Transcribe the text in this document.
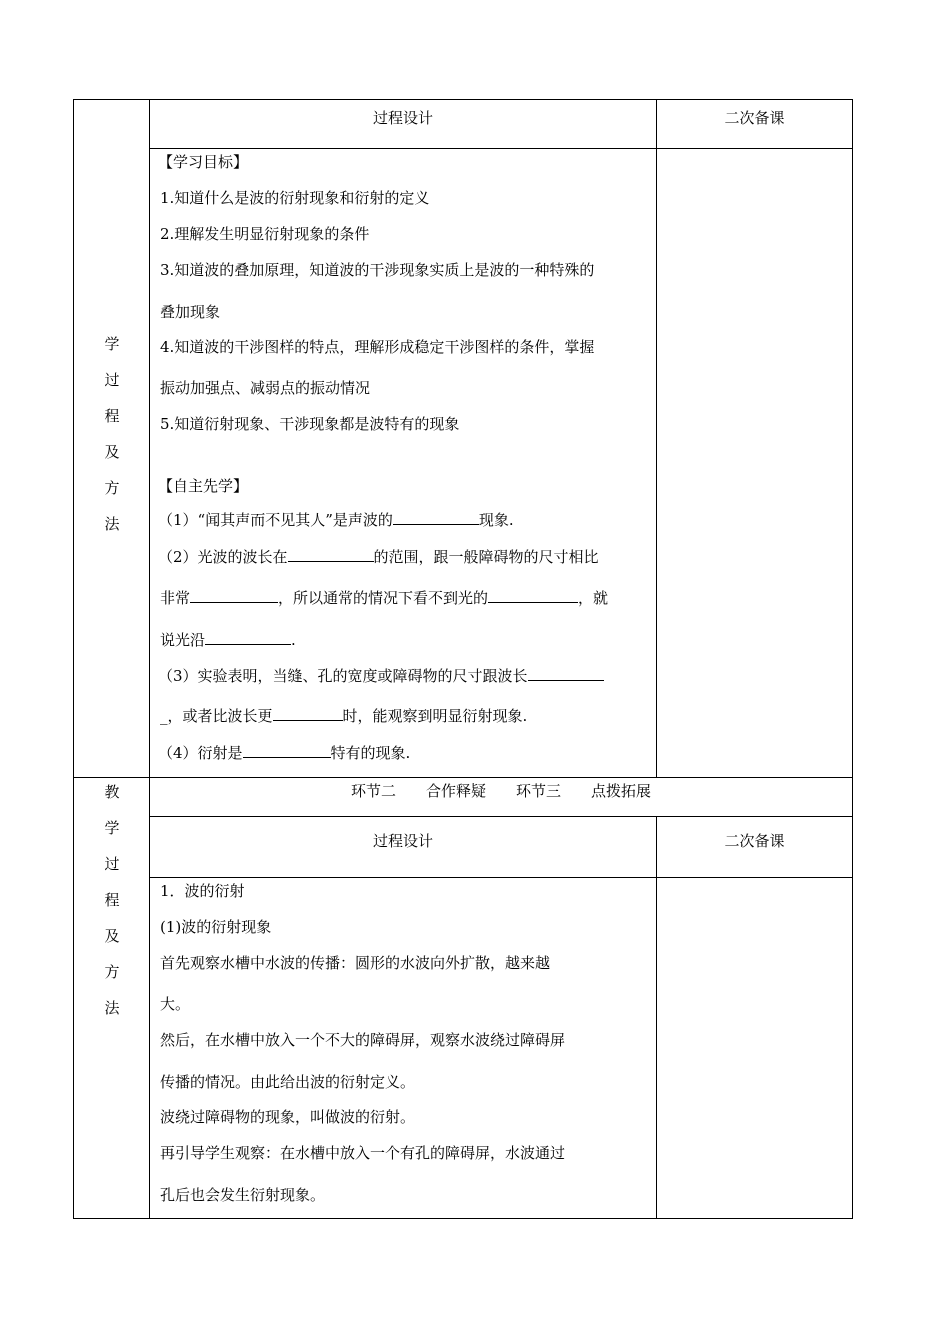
学
过
程
及
方
法
过程设计	二次备课
【学习目标】
1.知道什么是波的衍射现象和衍射的定义
2.理解发生明显衍射现象的条件
3.知道波的叠加原理，知道波的干涉现象实质上是波的一种特殊的
叠加现象
4.知道波的干涉图样的特点，理解形成稳定干涉图样的条件，掌握
振动加强点、减弱点的振动情况
5.知道衍射现象、干涉现象都是波特有的现象
【自主先学】
（1）“闻其声而不见其人”是声波的	现象.
（2）光波的波长在	的范围，跟一般障碍物的尺寸相比
非常	，所以通常的情况下看不到光的	，就
说光沿	.
（3）实验表明，当缝、孔的宽度或障碍物的尺寸跟波长
_，或者比波长更	时，能观察到明显衍射现象.
（4）衍射是	特有的现象.
教
学
过
程
及
方
法
环节二　　合作释疑　　环节三　　点拨拓展
过程设计	二次备课
1．波的衍射
(1)波的衍射现象
首先观察水槽中水波的传播：圆形的水波向外扩散，越来越
大。
然后，在水槽中放入一个不大的障碍屏，观察水波绕过障碍屏
传播的情况。由此给出波的衍射定义。
波绕过障碍物的现象，叫做波的衍射。
再引导学生观察：在水槽中放入一个有孔的障碍屏，水波通过
孔后也会发生衍射现象。
